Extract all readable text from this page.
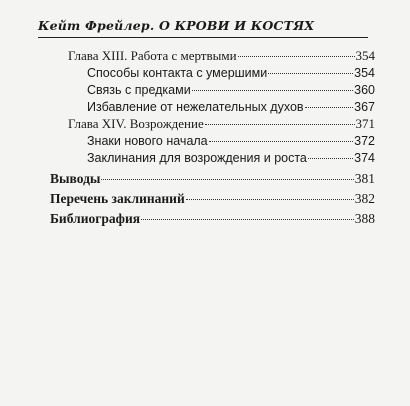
Кейт Фрейлер. О КРОВИ И КОСТЯХ
Глава XIII. Работа с мертвыми	354
Способы контакта с умершими	354
Связь с предками	360
Избавление от нежелательных духов	367
Глава XIV. Возрождение	371
Знаки нового начала	372
Заклинания для возрождения и роста	374
Выводы	381
Перечень заклинаний	382
Библиография	388
